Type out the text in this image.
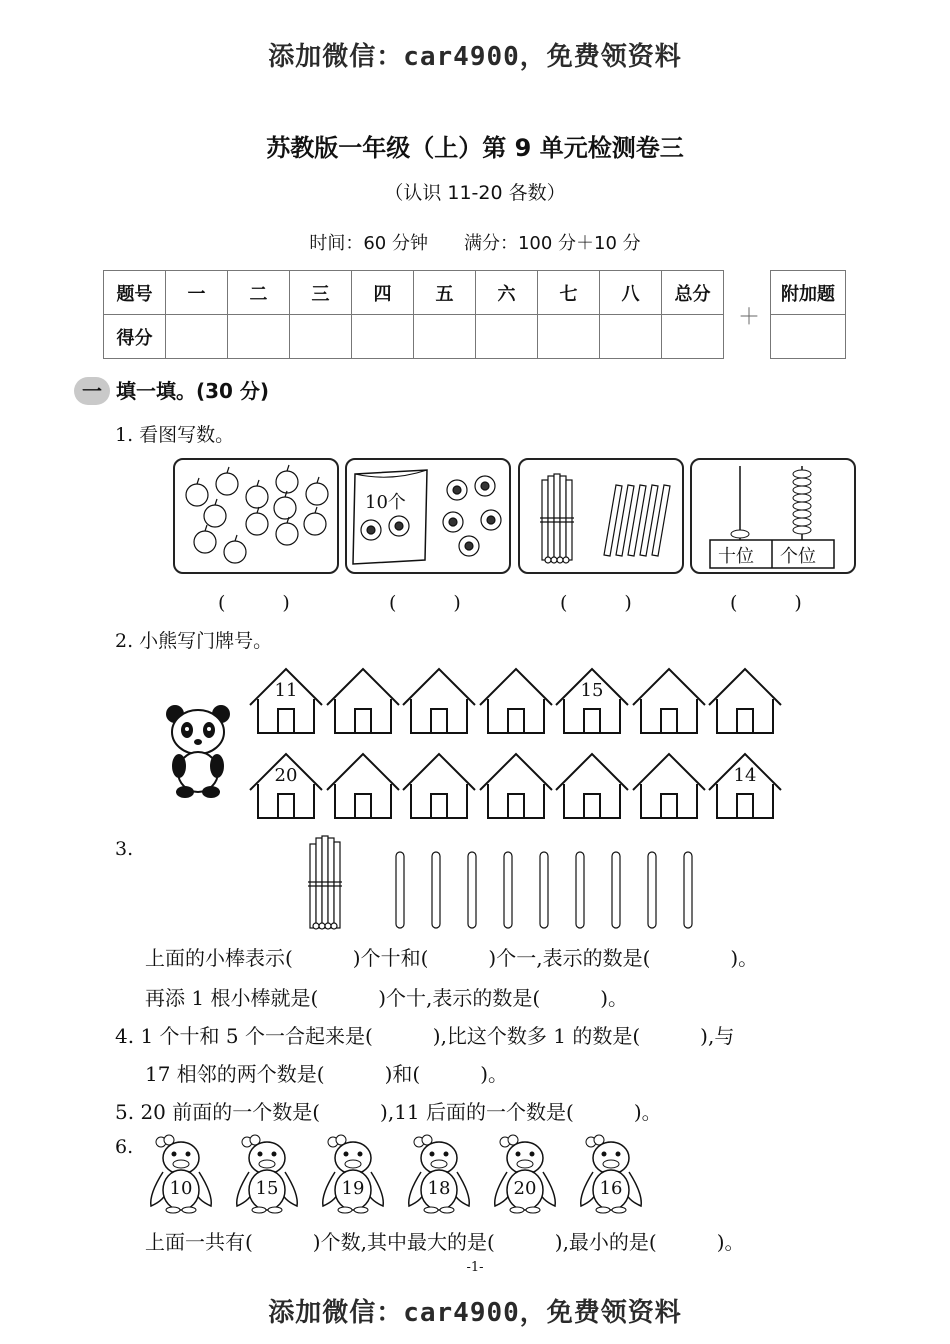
添加微信：car4900，免费领资料
添加微信：car4900，免费领资料
苏教版一年级（上）第 9 单元检测卷三
（认识 11-20 各数）
时间：60 分钟　　满分：100 分＋10 分
题号	一	二	三	四	五	六	七	八	总分
得分									
＋
附加题

一 填一填。(30 分)
1. 看图写数。
10个
十位 个位
(　　　)	(　　　)	(　　　)	(　　　)
2. 小熊写门牌号。
11	15
20	14
3.
上面的小棒表示(　　　)个十和(　　　)个一,表示的数是(　　　　)。
再添 1 根小棒就是(　　　)个十,表示的数是(　　　)。
4. 1 个十和 5 个一合起来是(　　　),比这个数多 1 的数是(　　　),与
17 相邻的两个数是(　　　)和(　　　)。
5. 20 前面的一个数是(　　　),11 后面的一个数是(　　　)。
6.
10	15	19	18	20	16
上面一共有(　　　)个数,其中最大的是(　　　),最小的是(　　　)。
-1-
